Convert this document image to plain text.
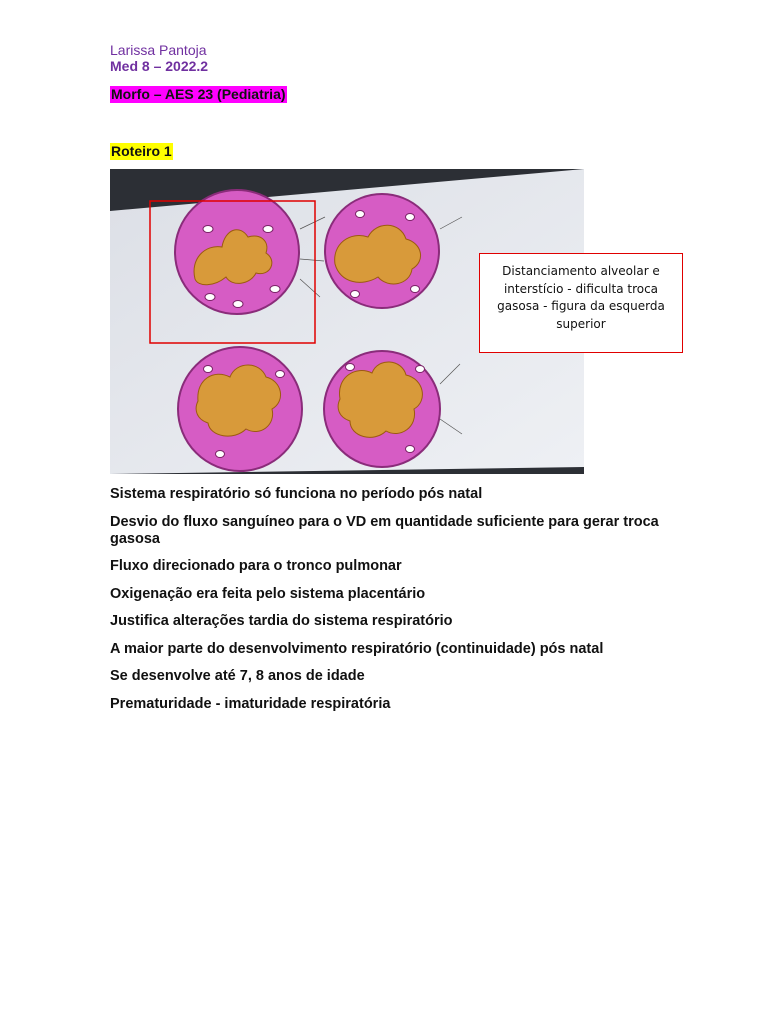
Larissa Pantoja
Med 8 – 2022.2
Morfo – AES 23 (Pediatria)
Roteiro 1
Distanciamento alveolar e interstício - dificulta troca gasosa - figura da esquerda superior
Sistema respiratório só funciona no período pós natal
Desvio do fluxo sanguíneo para o VD em quantidade suficiente para gerar troca gasosa
Fluxo direcionado para o tronco pulmonar
Oxigenação era feita pelo sistema placentário
Justifica alterações tardia do sistema respiratório
A maior parte do desenvolvimento respiratório (continuidade) pós natal
Se desenvolve até 7, 8 anos de idade
Prematuridade - imaturidade respiratória
